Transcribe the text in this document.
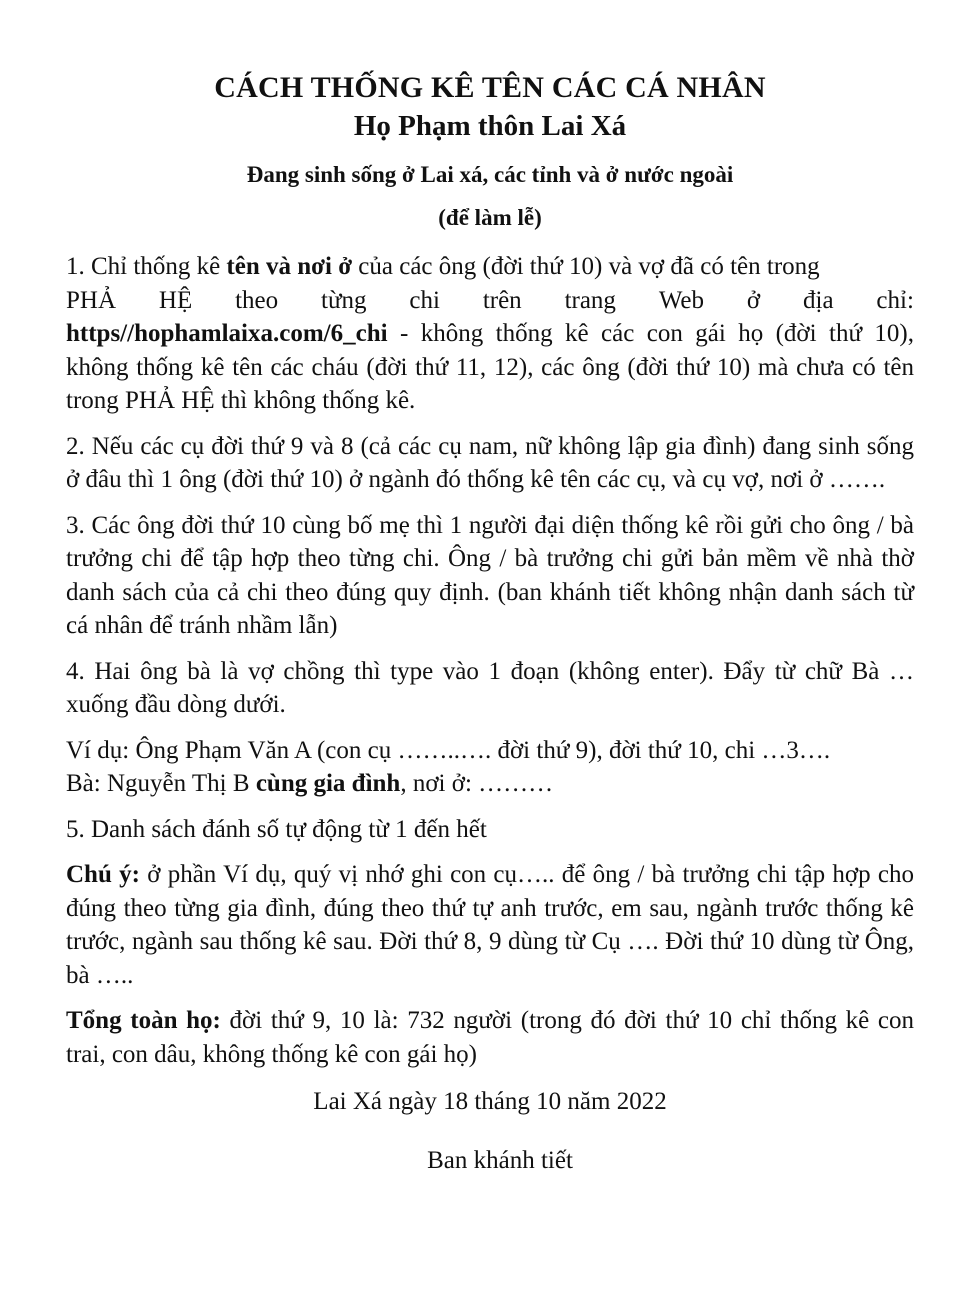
CÁCH THỐNG KÊ TÊN CÁC CÁ NHÂN
Họ Phạm thôn Lai Xá

Đang sinh sống ở Lai xá, các tỉnh và ở nước ngoài

(để làm lễ)

1. Chỉ thống kê tên và nơi ở của các ông (đời thứ 10) và vợ đã có tên trong
PHẢ HỆ theo từng chi trên trang Web ở địa chỉ:
https//hophamlaixa.com/6_chi - không thống kê các con gái họ (đời thứ 10), không thống kê tên các cháu (đời thứ 11, 12), các ông (đời thứ 10) mà chưa có tên trong PHẢ HỆ thì không thống kê.

2. Nếu các cụ đời thứ 9 và 8 (cả các cụ nam, nữ không lập gia đình) đang sinh sống ở đâu thì 1 ông (đời thứ 10) ở ngành đó thống kê tên các cụ, và cụ vợ, nơi ở …….

3. Các ông đời thứ 10 cùng bố mẹ thì 1 người đại diện thống kê rồi gửi cho ông / bà trưởng chi để tập hợp theo từng chi. Ông / bà trưởng chi gửi bản mềm về nhà thờ danh sách của cả chi theo đúng quy định. (ban khánh tiết không nhận danh sách từ cá nhân để tránh nhầm lẫn)

4. Hai ông bà là vợ chồng thì type vào 1 đoạn (không enter). Đẩy từ chữ Bà … xuống đầu dòng dưới.

Ví dụ: Ông Phạm Văn A (con cụ ……..…. đời thứ 9), đời thứ 10, chi …3….
Bà: Nguyễn Thị B cùng gia đình, nơi ở: ………

5. Danh sách đánh số tự động từ 1 đến hết

Chú ý: ở phần Ví dụ, quý vị nhớ ghi con cụ….. để ông / bà trưởng chi tập hợp cho đúng theo từng gia đình, đúng theo thứ tự anh trước, em sau, ngành trước thống kê trước, ngành sau thống kê sau. Đời thứ 8, 9 dùng từ Cụ …. Đời thứ 10 dùng từ Ông, bà …..

Tổng toàn họ: đời thứ 9, 10 là: 732 người (trong đó đời thứ 10 chỉ thống kê con trai, con dâu, không thống kê con gái họ)

Lai Xá ngày 18 tháng 10 năm 2022

Ban khánh tiết
